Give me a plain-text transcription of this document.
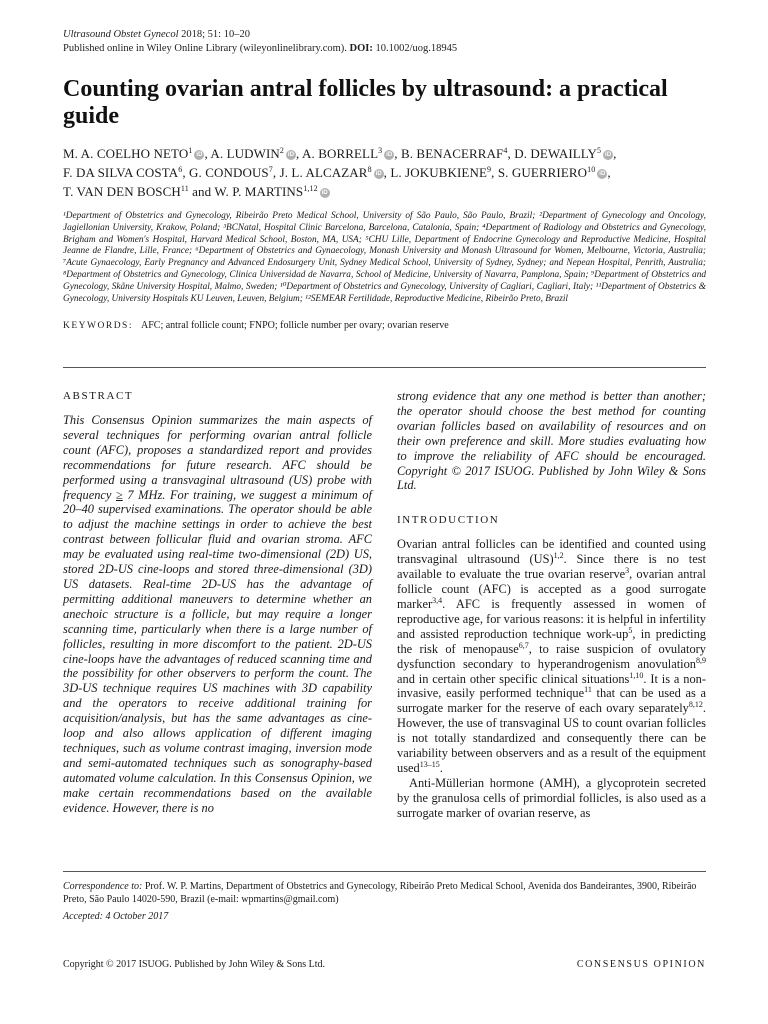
Ultrasound Obstet Gynecol 2018; 51: 10–20
Published online in Wiley Online Library (wileyonlinelibrary.com). DOI: 10.1002/uog.18945
Counting ovarian antral follicles by ultrasound: a practical guide
M. A. COELHO NETO$^1$ iD , A. LUDWIN$^2$ iD , A. BORRELL$^3$ iD , B. BENACERRAF$^4$, D. DEWAILLY$^5$ iD ,
F. DA SILVA COSTA$^6$, G. CONDOUS$^7$, J. L. ALCAZAR$^8$ iD , L. JOKUBKIENE$^9$, S. GUERRIERO$^{10}$ iD ,
T. VAN DEN BOSCH$^{11}$ and W. P. MARTINS$^{1,12}$ iD
¹Department of Obstetrics and Gynecology, Ribeirão Preto Medical School, University of São Paulo, São Paulo, Brazil; ²Department of Gynecology and Oncology, Jagiellonian University, Krakow, Poland; ³BCNatal, Hospital Clinic Barcelona, Barcelona, Catalonia, Spain; ⁴Department of Radiology and Obstetrics and Gynecology, Brigham and Women's Hospital, Harvard Medical School, Boston, MA, USA; ⁵CHU Lille, Department of Endocrine Gynecology and Reproductive Medicine, Hospital Jeanne de Flandre, Lille, France; ⁶Department of Obstetrics and Gynaecology, Monash University and Monash Ultrasound for Women, Melbourne, Victoria, Australia; ⁷Acute Gynaecology, Early Pregnancy and Advanced Endosurgery Unit, Sydney Medical School, University of Sydney, Sydney; and Nepean Hospital, Penrith, Australia; ⁸Department of Obstetrics and Gynecology, Clinica Universidad de Navarra, School of Medicine, University of Navarra, Pamplona, Spain; ⁹Department of Obstetrics and Gynecology, Skåne University Hospital, Malmo, Sweden; ¹⁰Department of Obstetrics and Gynecology, University of Cagliari, Cagliari, Italy; ¹¹Department of Obstetrics & Gynecology, University Hospitals KU Leuven, Leuven, Belgium; ¹²SEMEAR Fertilidade, Reproductive Medicine, Ribeirão Preto, Brazil
KEYWORDS: AFC; antral follicle count; FNPO; follicle number per ovary; ovarian reserve
ABSTRACT

This Consensus Opinion summarizes the main aspects of several techniques for performing ovarian antral follicle count (AFC), proposes a standardized report and provides recommendations for future research. AFC should be performed using a transvaginal ultrasound (US) probe with frequency ≥ 7 MHz. For training, we suggest a minimum of 20–40 supervised examinations. The operator should be able to adjust the machine settings in order to achieve the best contrast between follicular fluid and ovarian stroma. AFC may be evaluated using real-time two-dimensional (2D) US, stored 2D-US cine-loops and stored three-dimensional (3D) US datasets. Real-time 2D-US has the advantage of permitting additional maneuvers to determine whether an anechoic structure is a follicle, but may require a longer scanning time, particularly when there is a large number of follicles, resulting in more discomfort to the patient. 2D-US cine-loops have the advantages of reduced scanning time and the possibility for other observers to perform the count. The 3D-US technique requires US machines with 3D capability and the operators to receive additional training for acquisition/analysis, but has the same advantages as cine-loop and also allows application of different imaging techniques, such as volume contrast imaging, inversion mode and semi-automated techniques such as sonography-based automated volume calculation. In this Consensus Opinion, we make certain recommendations based on the available evidence. However, there is no

strong evidence that any one method is better than another; the operator should choose the best method for counting ovarian follicles based on availability of resources and on their own preference and skill. More studies evaluating how to improve the reliability of AFC should be encouraged. Copyright © 2017 ISUOG. Published by John Wiley & Sons Ltd.

INTRODUCTION

Ovarian antral follicles can be identified and counted using transvaginal ultrasound (US)$^{1,2}$. Since there is no test available to evaluate the true ovarian reserve$^3$, ovarian antral follicle count (AFC) is accepted as a good surrogate marker$^{3,4}$. AFC is frequently assessed in women of reproductive age, for various reasons: it is helpful in infertility and assisted reproduction technique work-$up^5$, in predicting the risk of menopause$^{6,7}$, to raise suspicion of ovulatory dysfunction secondary to hyperandrogenism anovulation$^{8,9}$ and in certain other specific clinical situations$^{1,10}$. It is a non-invasive, easily performed technique$^{11}$ that can be used as a surrogate marker for the reserve of each ovary separately$^{8,12}$. However, the use of transvaginal US to count ovarian follicles is not totally standardized and consequently there can be variability between observers and as a result of the equipment used$^{13-15}$.

Anti-Müllerian hormone (AMH), a glycoprotein secreted by the granulosa cells of primordial follicles, is also used as a surrogate marker of ovarian reserve, as

Correspondence to: Prof. W. P. Martins, Department of Obstetrics and Gynecology, Ribeirão Preto Medical School, Avenida dos Bandeirantes, 3900, Ribeirão Preto, São Paulo 14020-590, Brazil (e-mail: wpmartins@gmail.com)
Accepted: 4 October 2017
Copyright © 2017 ISUOG. Published by John Wiley & Sons Ltd.	CONSENSUS OPINION
